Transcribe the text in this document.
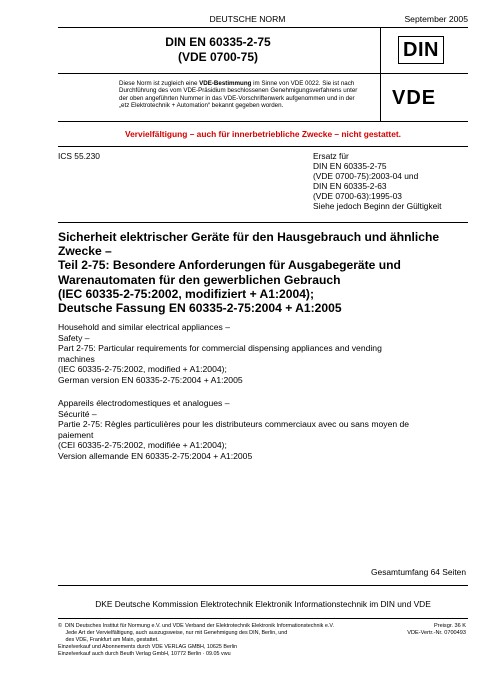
DEUTSCHE NORM	September 2005
DIN EN 60335-2-75
(VDE 0700-75)	DIN
Diese Norm ist zugleich eine VDE-Bestimmung im Sinne von VDE 0022. Sie ist nach
Durchführung des vom VDE-Präsidium beschlossenen Genehmigungsverfahrens unter
der oben angeführten Nummer in das VDE-Vorschriftenwerk aufgenommen und in der
„etz Elektrotechnik + Automation“ bekannt gegeben worden.	VDE
Vervielfältigung – auch für innerbetriebliche Zwecke – nicht gestattet.
ICS 55.230	Ersatz für
DIN EN 60335-2-75
(VDE 0700-75):2003-04 und
DIN EN 60335-2-63
(VDE 0700-63):1995-03
Siehe jedoch Beginn der Gültigkeit
Sicherheit elektrischer Geräte für den Hausgebrauch und ähnliche
Zwecke –
Teil 2-75: Besondere Anforderungen für Ausgabegeräte und
Warenautomaten für den gewerblichen Gebrauch
(IEC 60335-2-75:2002, modifiziert + A1:2004);
Deutsche Fassung EN 60335-2-75:2004 + A1:2005
Household and similar electrical appliances –
Safety –
Part 2-75: Particular requirements for commercial dispensing appliances and vending
machines
(IEC 60335-2-75:2002, modified + A1:2004);
German version EN 60335-2-75:2004 + A1:2005
Appareils électrodomestiques et analogues –
Sécurité –
Partie 2-75: Règles particulières pour les distributeurs commerciaux avec ou sans moyen de
paiement
(CEI 60335-2-75:2002, modifiée + A1:2004);
Version allemande EN 60335-2-75:2004 + A1:2005
Gesamtumfang 64 Seiten
DKE Deutsche Kommission Elektrotechnik Elektronik Informationstechnik im DIN und VDE
©  DIN Deutsches Institut für Normung e.V. und VDE Verband der Elektrotechnik Elektronik Informationstechnik e.V.
Jede Art der Vervielfältigung, auch auszugsweise, nur mit Genehmigung des DIN, Berlin, und
des VDE, Frankfurt am Main, gestattet.
Einzelverkauf und Abonnements durch VDE VERLAG GMBH, 10625 Berlin
Einzelverkauf auch durch Beuth Verlag GmbH, 10772 Berlin · 09.05 vwu
Preisgr. 36 K
VDE-Vertr.-Nr. 0700493
